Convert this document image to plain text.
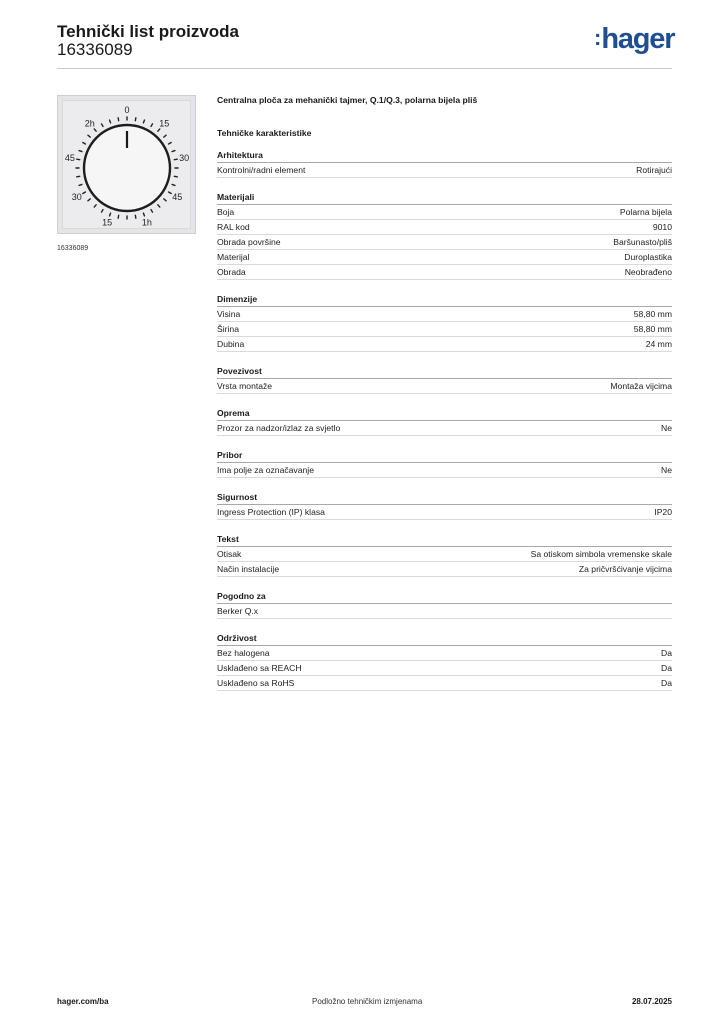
Tehnički list proizvoda
16336089	:hager
0
15
30
45
1h
15
30
45
2h
16336089
Centralna ploča za mehanički tajmer, Q.1/Q.3, polarna bijela pliš
Tehničke karakteristike
Arhitektura
Kontrolni/radni element	Rotirajući
Materijali
Boja	Polarna bijela
RAL kod	9010
Obrada površine	Baršunasto/pliš
Materijal	Duroplastika
Obrada	Neobrađeno
Dimenzije
Visina	58,80 mm
Širina	58,80 mm
Dubina	24 mm
Povezivost
Vrsta montaže	Montaža vijcima
Oprema
Prozor za nadzor/izlaz za svjetlo	Ne
Pribor
Ima polje za označavanje	Ne
Sigurnost
Ingress Protection (IP) klasa	IP20
Tekst
Otisak	Sa otiskom simbola vremenske skale
Način instalacije	Za pričvršćivanje vijcima
Pogodno za
Berker Q.x
Održivost
Bez halogena	Da
Usklađeno sa REACH	Da
Usklađeno sa RoHS	Da
hager.com/ba	Podložno tehničkim izmjenama	28.07.2025
